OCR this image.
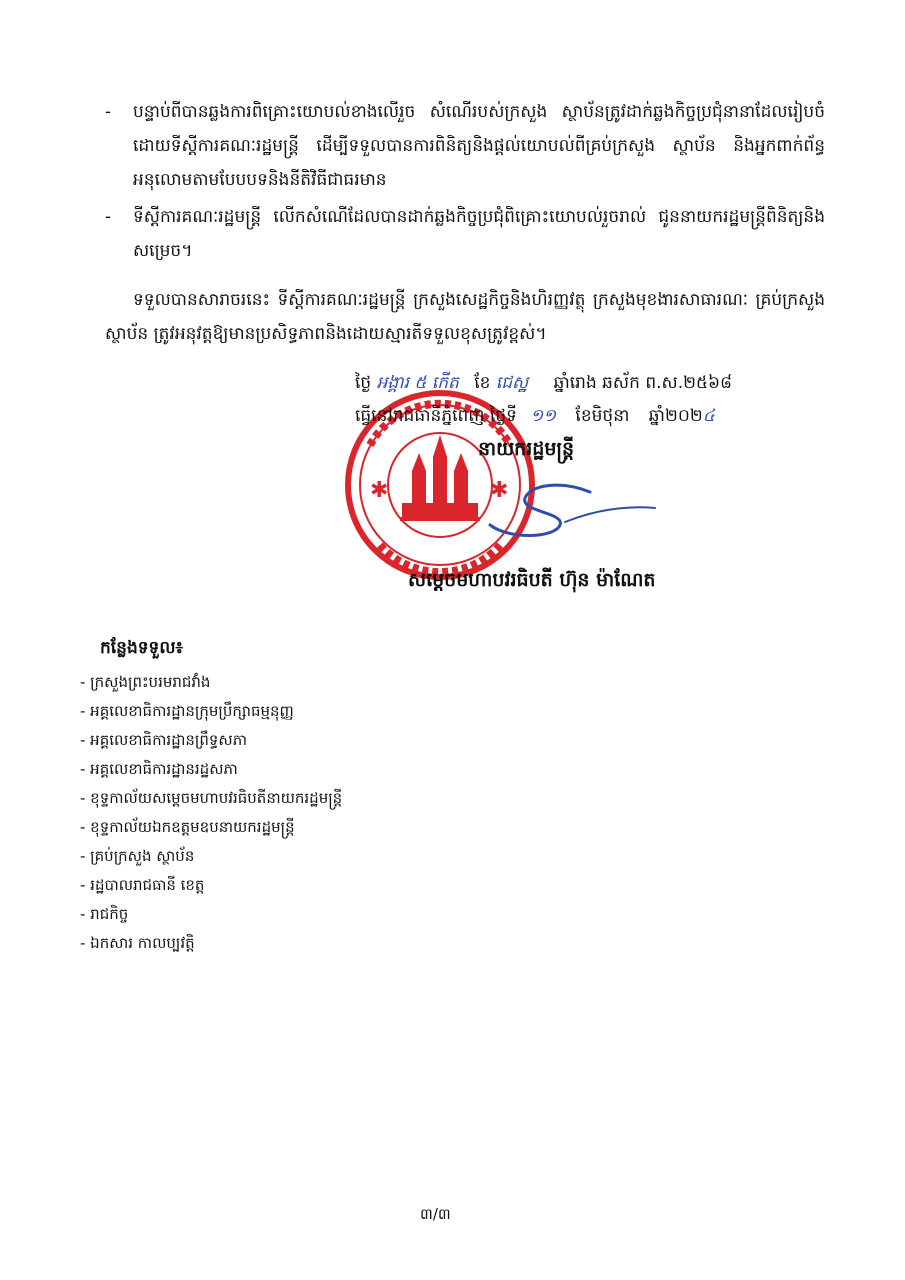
- បន្ទាប់ពីបានឆ្លងការពិគ្រោះយោបល់ខាងលើរួច សំណើរបស់ក្រសួង ស្ថាប័នត្រូវដាក់ឆ្លងកិច្ចប្រជុំនានាដែលរៀបចំដោយទីស្តីការគណៈរដ្ឋមន្ត្រី ដើម្បីទទួលបានការពិនិត្យនិងផ្តល់យោបល់ពីគ្រប់ក្រសួង ស្ថាប័ន និងអ្នកពាក់ព័ន្ធ អនុលោមតាមបែបបទនិងនីតិវិធីជាធរមាន
- ទីស្តីការគណៈរដ្ឋមន្ត្រី លើកសំណើដែលបានដាក់ឆ្លងកិច្ចប្រជុំពិគ្រោះយោបល់រួចរាល់ ជូននាយករដ្ឋមន្ត្រីពិនិត្យនិងសម្រេច។
ទទួលបានសារាចរនេះ ទីស្តីការគណៈរដ្ឋមន្ត្រី ក្រសួងសេដ្ឋកិច្ចនិងហិរញ្ញវត្ថុ ក្រសួងមុខងារសាធារណៈ គ្រប់ក្រសួង ស្ថាប័ន ត្រូវអនុវត្តឱ្យមានប្រសិទ្ធភាពនិងដោយស្មារតីទទួលខុសត្រូវខ្ពស់។
✱	✱
ថ្ងៃ អង្គារ ៥ កើត ខែ ជេស្ឋ ឆ្នាំរោង ឆស័ក ព.ស.២៥៦៨
ធ្វើនៅរាជធានីភ្នំពេញ ថ្ងៃទី ១១ ខែមិថុនា ឆ្នាំ២០២៤
នាយករដ្ឋមន្ត្រី
សម្តេចមហាបវរធិបតី ហ៊ុន ម៉ាណែត
កន្លែងទទួល៖
- ក្រសួងព្រះបរមរាជវាំង
- អគ្គលេខាធិការដ្ឋានក្រុមប្រឹក្សាធម្មនុញ្ញ
- អគ្គលេខាធិការដ្ឋានព្រឹទ្ធសភា
- អគ្គលេខាធិការដ្ឋានរដ្ឋសភា
- ខុទ្ទកាល័យសម្តេចមហាបវរធិបតីនាយករដ្ឋមន្ត្រី
- ខុទ្ទកាល័យឯកឧត្តមឧបនាយករដ្ឋមន្ត្រី
- គ្រប់ក្រសួង ស្ថាប័ន
- រដ្ឋបាលរាជធានី ខេត្ត
- រាជកិច្ច
- ឯកសារ កាលប្បវត្តិ
៣/៣
